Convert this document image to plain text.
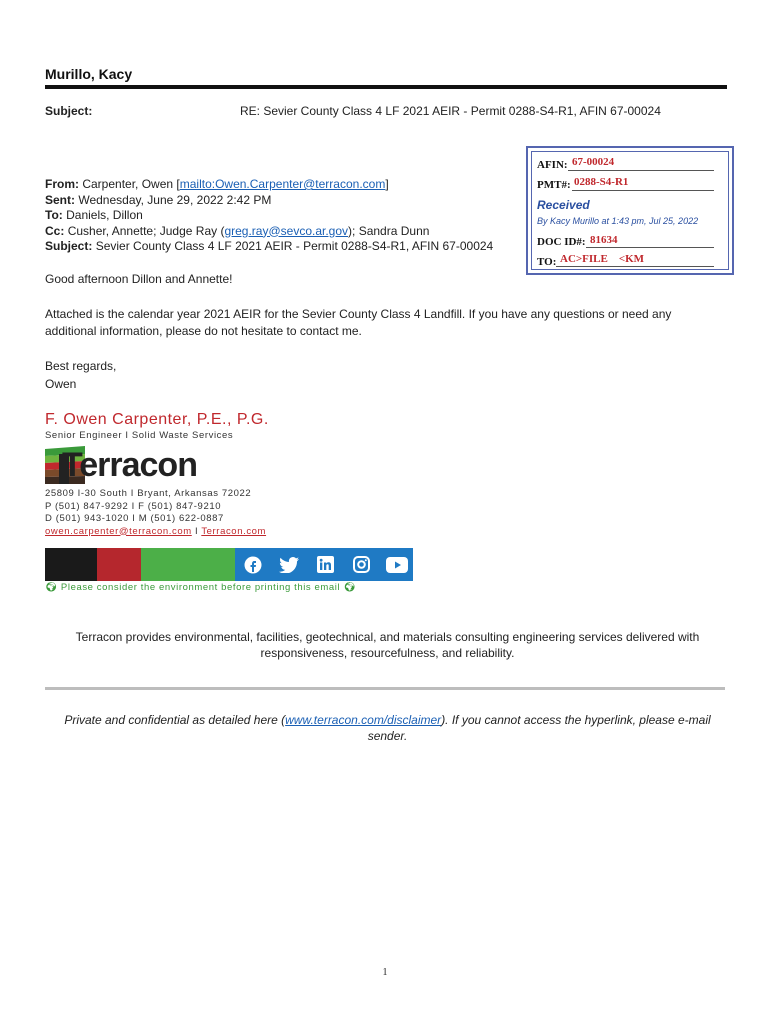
Murillo, Kacy
Subject:	RE: Sevier County Class 4 LF 2021 AEIR - Permit 0288-S4-R1, AFIN 67-00024
AFIN: 67-00024
PMT#: 0288-S4-R1
Received
By Kacy Murillo at 1:43 pm, Jul 25, 2022
DOC ID#: 81634
TO: AC>FILE    <KM
From: Carpenter, Owen [mailto:Owen.Carpenter@terracon.com]
Sent: Wednesday, June 29, 2022 2:42 PM
To: Daniels, Dillon
Cc: Cusher, Annette; Judge Ray (greg.ray@sevco.ar.gov); Sandra Dunn
Subject: Sevier County Class 4 LF 2021 AEIR - Permit 0288-S4-R1, AFIN 67-00024
Good afternoon Dillon and Annette!
Attached is the calendar year 2021 AEIR for the Sevier County Class 4 Landfill. If you have any questions or need any additional information, please do not hesitate to contact me.
Best regards,
Owen
F. Owen Carpenter, P.E., P.G.
Senior Engineer I Solid Waste Services
Terracon
25809 I-30 South I Bryant, Arkansas 72022
P (501) 847-9292 I F (501) 847-9210
D (501) 943-1020 I M (501) 622-0887
owen.carpenter@terracon.com I Terracon.com
🌍︎ Please consider the environment before printing this email 🌍︎
Terracon provides environmental, facilities, geotechnical, and materials consulting engineering services delivered with responsiveness, resourcefulness, and reliability.
Private and confidential as detailed here (www.terracon.com/disclaimer). If you cannot access the hyperlink, please e-mail sender.
1
